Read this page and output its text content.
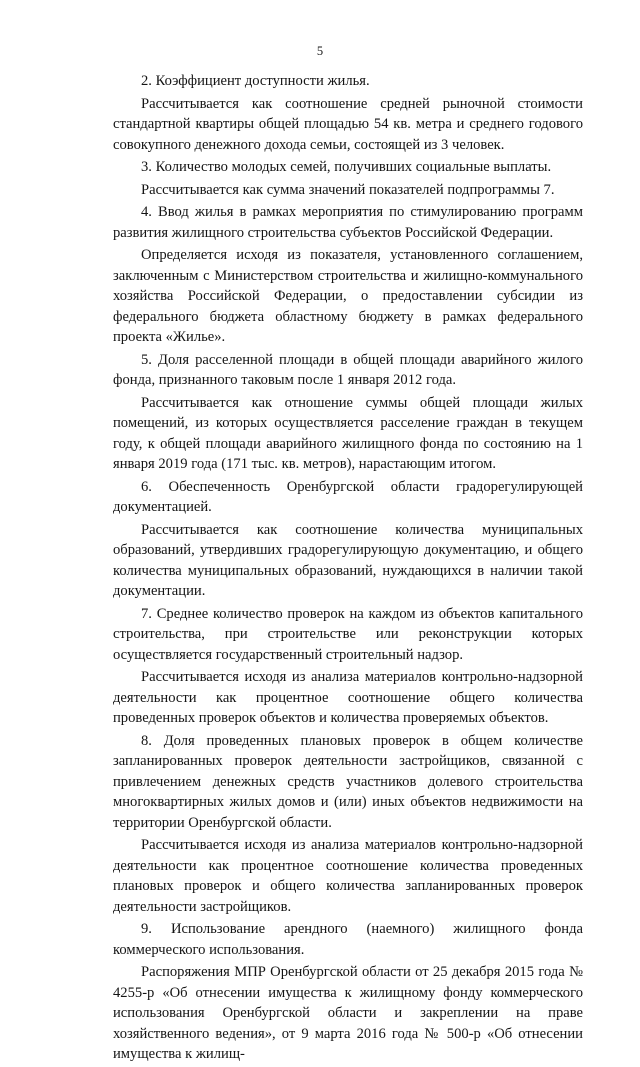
5

2. Коэффициент доступности жилья.

Рассчитывается как соотношение средней рыночной стоимости стандартной квартиры общей площадью 54 кв. метра и среднего годового совокупного денежного дохода семьи, состоящей из 3 человек.

3. Количество молодых семей, получивших социальные выплаты.

Рассчитывается как сумма значений показателей подпрограммы 7.

4. Ввод жилья в рамках мероприятия по стимулированию программ развития жилищного строительства субъектов Российской Федерации.

Определяется исходя из показателя, установленного соглашением, заключенным с Министерством строительства и жилищно-коммунального хозяйства Российской Федерации, о предоставлении субсидии из федерального бюджета областному бюджету в рамках федерального проекта «Жилье».

5. Доля расселенной площади в общей площади аварийного жилого фонда, признанного таковым после 1 января 2012 года.

Рассчитывается как отношение суммы общей площади жилых помещений, из которых осуществляется расселение граждан в текущем году, к общей площади аварийного жилищного фонда по состоянию на 1 января 2019 года (171 тыс. кв. метров), нарастающим итогом.

6. Обеспеченность Оренбургской области градорегулирующей документацией.

Рассчитывается как соотношение количества муниципальных образований, утвердивших градорегулирующую документацию, и общего количества муниципальных образований, нуждающихся в наличии такой документации.

7. Среднее количество проверок на каждом из объектов капитального строительства, при строительстве или реконструкции которых осуществляется государственный строительный надзор.

Рассчитывается исходя из анализа материалов контрольно-надзорной деятельности как процентное соотношение общего количества проведенных проверок объектов и количества проверяемых объектов.

8. Доля проведенных плановых проверок в общем количестве запланированных проверок деятельности застройщиков, связанной с привлечением денежных средств участников долевого строительства многоквартирных жилых домов и (или) иных объектов недвижимости на территории Оренбургской области.

Рассчитывается исходя из анализа материалов контрольно-надзорной деятельности как процентное соотношение количества проведенных плановых проверок и общего количества запланированных проверок деятельности застройщиков.

9. Использование арендного (наемного) жилищного фонда коммерческого использования.

Распоряжения МПР Оренбургской области от 25 декабря 2015 года № 4255-р «Об отнесении имущества к жилищному фонду коммерческого использования Оренбургской области и закреплении на праве хозяйственного ведения», от 9 марта 2016 года № 500-р «Об отнесении имущества к жилищ-
